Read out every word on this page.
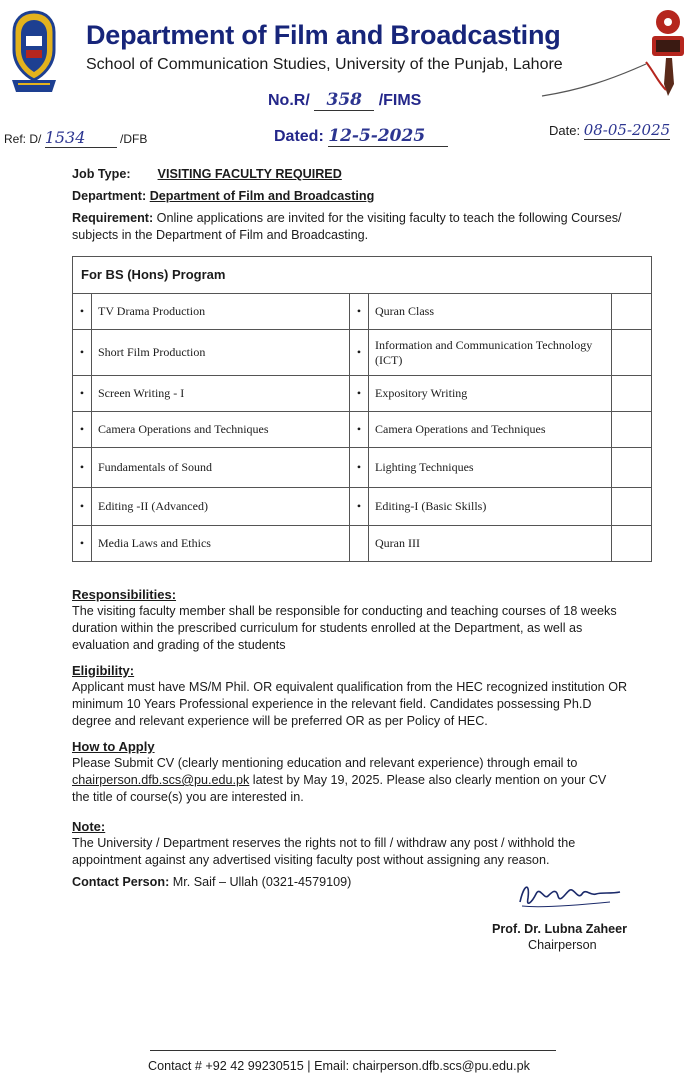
Department of Film and Broadcasting
School of Communication Studies, University of the Punjab, Lahore
No.R/ 358 /FIMS
Ref: D/ 1534	/DFB	Dated: 12-5-2025	Date: 08-05-2025
Job Type: VISITING FACULTY REQUIRED
Department: Department of Film and Broadcasting
Requirement: Online applications are invited for the visiting faculty to teach the following Courses/
subjects in the Department of Film and Broadcasting.
For BS (Hons) Program
•	TV Drama Production	•	Quran Class	
•	Short Film Production	•	Information and Communication Technology (ICT)	
•	Screen Writing - I	•	Expository Writing	
•	Camera Operations and Techniques	•	Camera Operations and Techniques	
•	Fundamentals of Sound	•	Lighting Techniques	
•	Editing -II (Advanced)	•	Editing-I (Basic Skills)	
•	Media Laws and Ethics		Quran III	
Responsibilities:
The visiting faculty member shall be responsible for conducting and teaching courses of 18 weeks
duration within the prescribed curriculum for students enrolled at the Department, as well as
evaluation and grading of the students
Eligibility:
Applicant must have MS/M Phil. OR equivalent qualification from the HEC recognized institution OR
minimum 10 Years Professional experience in the relevant field. Candidates possessing Ph.D
degree and relevant experience will be preferred OR as per Policy of HEC.
How to Apply
Please Submit CV (clearly mentioning education and relevant experience) through email to
chairperson.dfb.scs@pu.edu.pk latest by May 19, 2025. Please also clearly mention on your CV
the title of course(s) you are interested in.
Note:
The University / Department reserves the rights not to fill / withdraw any post / withhold the
appointment against any advertised visiting faculty post without assigning any reason.
Contact Person: Mr. Saif – Ullah (0321-4579109)
Prof. Dr. Lubna Zaheer
Chairperson
Contact # +92 42 99230515 | Email: chairperson.dfb.scs@pu.edu.pk
